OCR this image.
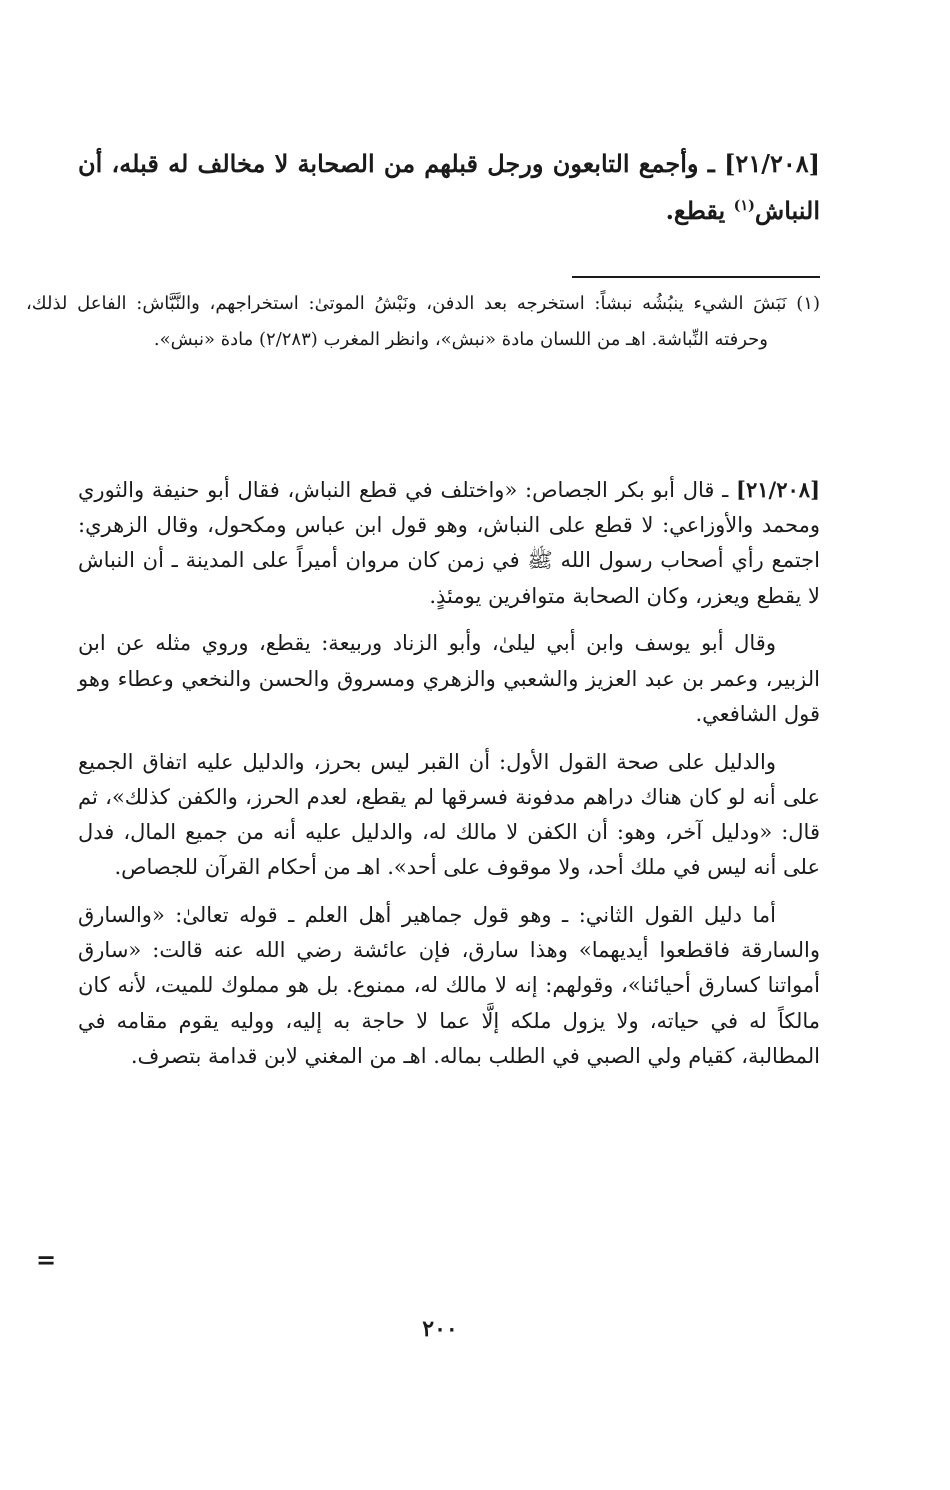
[٢١/٢٠٨] ـ وأجمع التابعون ورجل قبلهم من الصحابة لا مخالف له قبله، أن النباش$^{(١)}$ يقطع.

(١) نَبَشَ الشيء ينبُشُه نبشاً: استخرجه بعد الدفن، ونَبْشُ الموتىٰ: استخراجهم، والنَّبَّاش: الفاعل لذلك، وحرفته النِّباشة. اهـ من اللسان مادة «نبش»، وانظر المغرب (٢/٢٨٣) مادة «نبش».

[٢١/٢٠٨] ـ قال أبو بكر الجصاص: «واختلف في قطع النباش، فقال أبو حنيفة والثوري ومحمد والأوزاعي: لا قطع على النباش، وهو قول ابن عباس ومكحول، وقال الزهري: اجتمع رأي أصحاب رسول الله ﷺ في زمن كان مروان أميراً على المدينة ـ أن النباش لا يقطع ويعزر، وكان الصحابة متوافرين يومئذٍ.

وقال أبو يوسف وابن أبي ليلىٰ، وأبو الزناد وربيعة: يقطع، وروي مثله عن ابن الزبير، وعمر بن عبد العزيز والشعبي والزهري ومسروق والحسن والنخعي وعطاء وهو قول الشافعي.

والدليل على صحة القول الأول: أن القبر ليس بحرز، والدليل عليه اتفاق الجميع على أنه لو كان هناك دراهم مدفونة فسرقها لم يقطع، لعدم الحرز، والكفن كذلك»، ثم قال: «ودليل آخر، وهو: أن الكفن لا مالك له، والدليل عليه أنه من جميع المال، فدل على أنه ليس في ملك أحد، ولا موقوف على أحد». اهـ من أحكام القرآن للجصاص.

أما دليل القول الثاني: ـ وهو قول جماهير أهل العلم ـ قوله تعالىٰ: «والسارق والسارقة فاقطعوا أيديهما» وهذا سارق، فإن عائشة رضي الله عنه قالت: «سارق أمواتنا كسارق أحيائنا»، وقولهم: إنه لا مالك له، ممنوع. بل هو مملوك للميت، لأنه كان مالكاً له في حياته، ولا يزول ملكه إلَّا عما لا حاجة به إليه، ووليه يقوم مقامه في المطالبة، كقيام ولي الصبي في الطلب بماله. اهـ من المغني لابن قدامة بتصرف.

=
٢٠٠
